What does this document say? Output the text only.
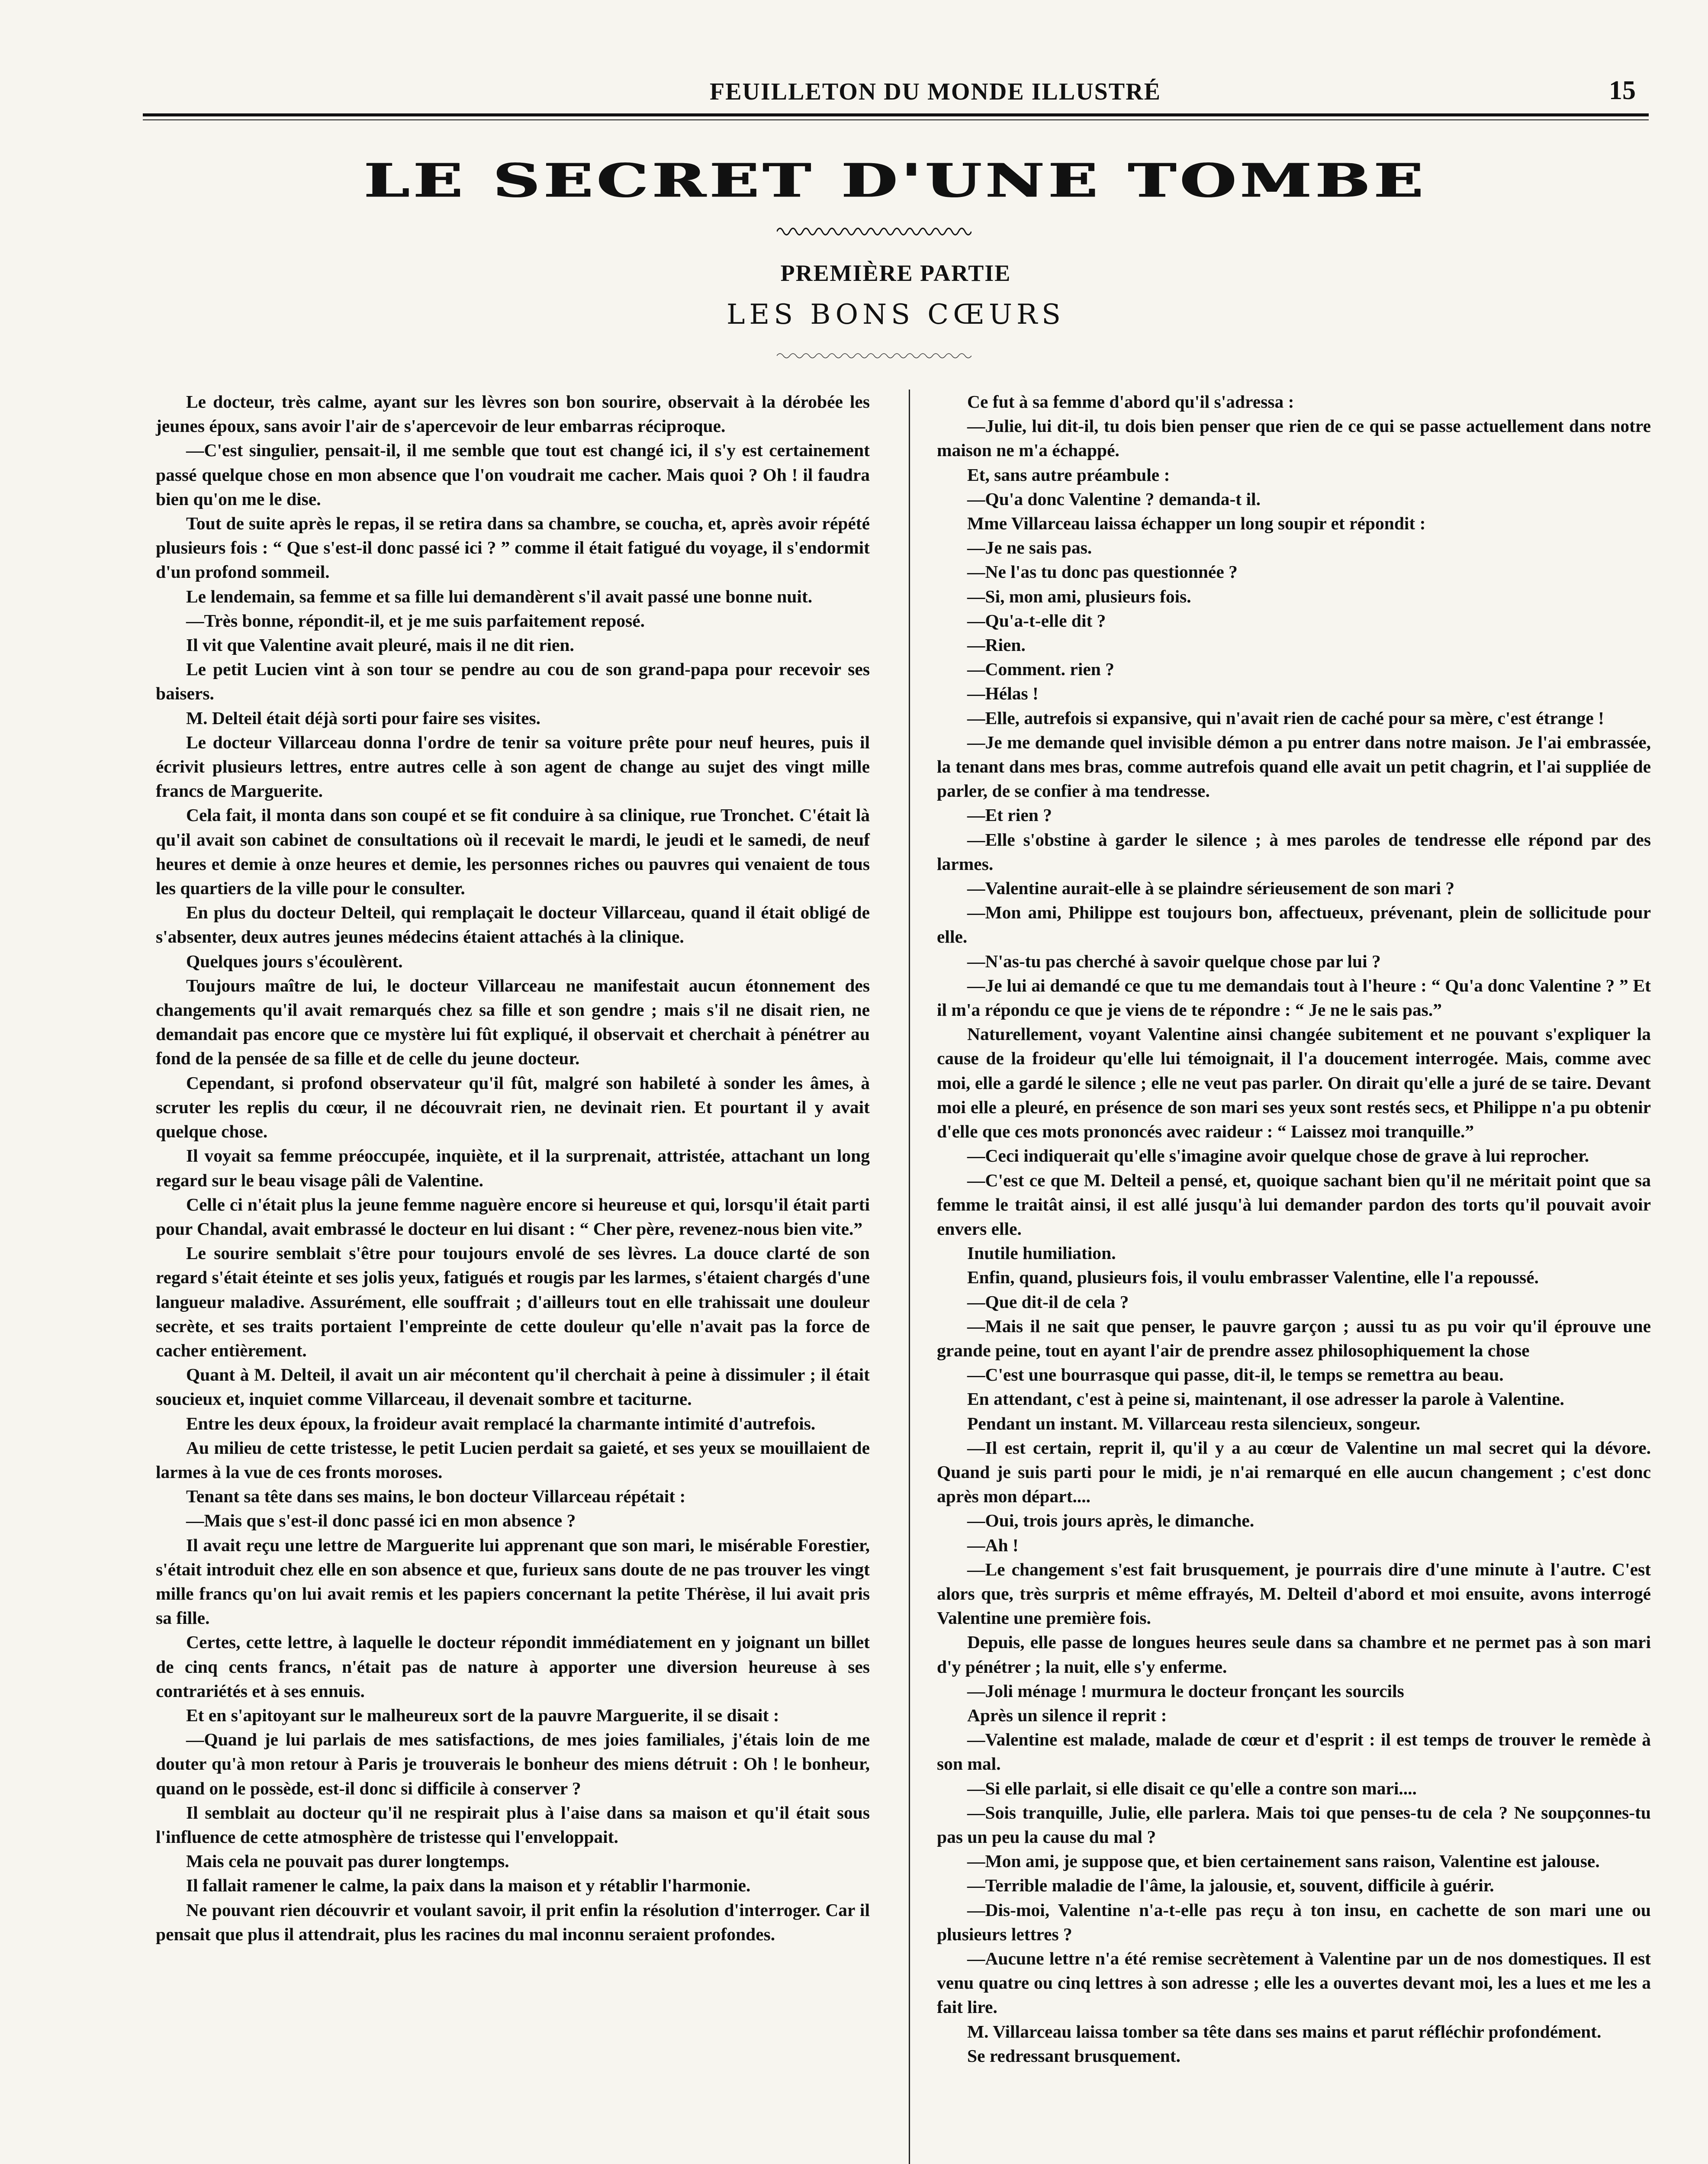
FEUILLETON DU MONDE ILLUSTRÉ	15
LE SECRET D'UNE TOMBE
PREMIÈRE PARTIE
LES BONS CŒURS

Le docteur, très calme, ayant sur les lèvres son bon sourire, observait à la dérobée les jeunes époux, sans avoir l'air de s'apercevoir de leur embarras réciproque.

—C'est singulier, pensait-il, il me semble que tout est changé ici, il s'y est certainement passé quelque chose en mon absence que l'on voudrait me cacher. Mais quoi ? Oh ! il faudra bien qu'on me le dise.

Tout de suite après le repas, il se retira dans sa chambre, se coucha, et, après avoir répété plusieurs fois : “ Que s'est-il donc passé ici ? ” comme il était fatigué du voyage, il s'endormit d'un profond sommeil.

Le lendemain, sa femme et sa fille lui demandèrent s'il avait passé une bonne nuit.

—Très bonne, répondit-il, et je me suis parfaitement reposé.

Il vit que Valentine avait pleuré, mais il ne dit rien.

Le petit Lucien vint à son tour se pendre au cou de son grand-papa pour recevoir ses baisers.

M. Delteil était déjà sorti pour faire ses visites.

Le docteur Villarceau donna l'ordre de tenir sa voiture prête pour neuf heures, puis il écrivit plusieurs lettres, entre autres celle à son agent de change au sujet des vingt mille francs de Marguerite.

Cela fait, il monta dans son coupé et se fit conduire à sa clinique, rue Tronchet. C'était là qu'il avait son cabinet de consultations où il recevait le mardi, le jeudi et le samedi, de neuf heures et demie à onze heures et demie, les personnes riches ou pauvres qui venaient de tous les quartiers de la ville pour le consulter.

En plus du docteur Delteil, qui remplaçait le docteur Villarceau, quand il était obligé de s'absenter, deux autres jeunes médecins étaient attachés à la clinique.

Quelques jours s'écoulèrent.

Toujours maître de lui, le docteur Villarceau ne manifestait aucun étonnement des changements qu'il avait remarqués chez sa fille et son gendre ; mais s'il ne disait rien, ne demandait pas encore que ce mystère lui fût expliqué, il observait et cherchait à pénétrer au fond de la pensée de sa fille et de celle du jeune docteur.

Cependant, si profond observateur qu'il fût, malgré son habileté à sonder les âmes, à scruter les replis du cœur, il ne découvrait rien, ne devinait rien. Et pourtant il y avait quelque chose.

Il voyait sa femme préoccupée, inquiète, et il la surprenait, attristée, attachant un long regard sur le beau visage pâli de Valentine.

Celle ci n'était plus la jeune femme naguère encore si heureuse et qui, lorsqu'il était parti pour Chandal, avait embrassé le docteur en lui disant : “ Cher père, revenez-nous bien vite.”

Le sourire semblait s'être pour toujours envolé de ses lèvres. La douce clarté de son regard s'était éteinte et ses jolis yeux, fatigués et rougis par les larmes, s'étaient chargés d'une langueur maladive. Assurément, elle souffrait ; d'ailleurs tout en elle trahissait une douleur secrète, et ses traits portaient l'empreinte de cette douleur qu'elle n'avait pas la force de cacher entièrement.

Quant à M. Delteil, il avait un air mécontent qu'il cherchait à peine à dissimuler ; il était soucieux et, inquiet comme Villarceau, il devenait sombre et taciturne.

Entre les deux époux, la froideur avait remplacé la charmante intimité d'autrefois.

Au milieu de cette tristesse, le petit Lucien perdait sa gaieté, et ses yeux se mouillaient de larmes à la vue de ces fronts moroses.

Tenant sa tête dans ses mains, le bon docteur Villarceau répétait :

—Mais que s'est-il donc passé ici en mon absence ?

Il avait reçu une lettre de Marguerite lui apprenant que son mari, le misérable Forestier, s'était introduit chez elle en son absence et que, furieux sans doute de ne pas trouver les vingt mille francs qu'on lui avait remis et les papiers concernant la petite Thérèse, il lui avait pris sa fille.

Certes, cette lettre, à laquelle le docteur répondit immédiatement en y joignant un billet de cinq cents francs, n'était pas de nature à apporter une diversion heureuse à ses contrariétés et à ses ennuis.

Et en s'apitoyant sur le malheureux sort de la pauvre Marguerite, il se disait :

—Quand je lui parlais de mes satisfactions, de mes joies familiales, j'étais loin de me douter qu'à mon retour à Paris je trouverais le bonheur des miens détruit : Oh ! le bonheur, quand on le possède, est-il donc si difficile à conserver ?

Il semblait au docteur qu'il ne respirait plus à l'aise dans sa maison et qu'il était sous l'influence de cette atmosphère de tristesse qui l'enveloppait.

Mais cela ne pouvait pas durer longtemps.

Il fallait ramener le calme, la paix dans la maison et y rétablir l'harmonie.

Ne pouvant rien découvrir et voulant savoir, il prit enfin la résolution d'interroger. Car il pensait que plus il attendrait, plus les racines du mal inconnu seraient profondes.

Ce fut à sa femme d'abord qu'il s'adressa :

—Julie, lui dit-il, tu dois bien penser que rien de ce qui se passe actuellement dans notre maison ne m'a échappé.

Et, sans autre préambule :

—Qu'a donc Valentine ? demanda-t il.

Mme Villarceau laissa échapper un long soupir et répondit :

—Je ne sais pas.

—Ne l'as tu donc pas questionnée ?

—Si, mon ami, plusieurs fois.

—Qu'a-t-elle dit ?

—Rien.

—Comment. rien ?

—Hélas !

—Elle, autrefois si expansive, qui n'avait rien de caché pour sa mère, c'est étrange !

—Je me demande quel invisible démon a pu entrer dans notre maison. Je l'ai embrassée, la tenant dans mes bras, comme autrefois quand elle avait un petit chagrin, et l'ai suppliée de parler, de se confier à ma tendresse.

—Et rien ?

—Elle s'obstine à garder le silence ; à mes paroles de tendresse elle répond par des larmes.

—Valentine aurait-elle à se plaindre sérieusement de son mari ?

—Mon ami, Philippe est toujours bon, affectueux, prévenant, plein de sollicitude pour elle.

—N'as-tu pas cherché à savoir quelque chose par lui ?

—Je lui ai demandé ce que tu me demandais tout à l'heure : “ Qu'a donc Valentine ? ” Et il m'a répondu ce que je viens de te répondre : “ Je ne le sais pas.”

Naturellement, voyant Valentine ainsi changée subitement et ne pouvant s'expliquer la cause de la froideur qu'elle lui témoignait, il l'a doucement interrogée. Mais, comme avec moi, elle a gardé le silence ; elle ne veut pas parler. On dirait qu'elle a juré de se taire. Devant moi elle a pleuré, en présence de son mari ses yeux sont restés secs, et Philippe n'a pu obtenir d'elle que ces mots prononcés avec raideur : “ Laissez moi tranquille.”

—Ceci indiquerait qu'elle s'imagine avoir quelque chose de grave à lui reprocher.

—C'est ce que M. Delteil a pensé, et, quoique sachant bien qu'il ne méritait point que sa femme le traitât ainsi, il est allé jusqu'à lui demander pardon des torts qu'il pouvait avoir envers elle.

Inutile humiliation.

Enfin, quand, plusieurs fois, il voulu embrasser Valentine, elle l'a repoussé.

—Que dit-il de cela ?

—Mais il ne sait que penser, le pauvre garçon ; aussi tu as pu voir qu'il éprouve une grande peine, tout en ayant l'air de prendre assez philosophiquement la chose

—C'est une bourrasque qui passe, dit-il, le temps se remettra au beau.

En attendant, c'est à peine si, maintenant, il ose adresser la parole à Valentine.

Pendant un instant. M. Villarceau resta silencieux, songeur.

—Il est certain, reprit il, qu'il y a au cœur de Valentine un mal secret qui la dévore. Quand je suis parti pour le midi, je n'ai remarqué en elle aucun changement ; c'est donc après mon départ....

—Oui, trois jours après, le dimanche.

—Ah !

—Le changement s'est fait brusquement, je pourrais dire d'une minute à l'autre. C'est alors que, très surpris et même effrayés, M. Delteil d'abord et moi ensuite, avons interrogé Valentine une première fois.

Depuis, elle passe de longues heures seule dans sa chambre et ne permet pas à son mari d'y pénétrer ; la nuit, elle s'y enferme.

—Joli ménage ! murmura le docteur fronçant les sourcils

Après un silence il reprit :

—Valentine est malade, malade de cœur et d'esprit : il est temps de trouver le remède à son mal.

—Si elle parlait, si elle disait ce qu'elle a contre son mari....

—Sois tranquille, Julie, elle parlera. Mais toi que penses-tu de cela ? Ne soupçonnes-tu pas un peu la cause du mal ?

—Mon ami, je suppose que, et bien certainement sans raison, Valentine est jalouse.

—Terrible maladie de l'âme, la jalousie, et, souvent, difficile à guérir.

—Dis-moi, Valentine n'a-t-elle pas reçu à ton insu, en cachette de son mari une ou plusieurs lettres ?

—Aucune lettre n'a été remise secrètement à Valentine par un de nos domestiques. Il est venu quatre ou cinq lettres à son adresse ; elle les a ouvertes devant moi, les a lues et me les a fait lire.

M. Villarceau laissa tomber sa tête dans ses mains et parut réfléchir profondément.

Se redressant brusquement.
